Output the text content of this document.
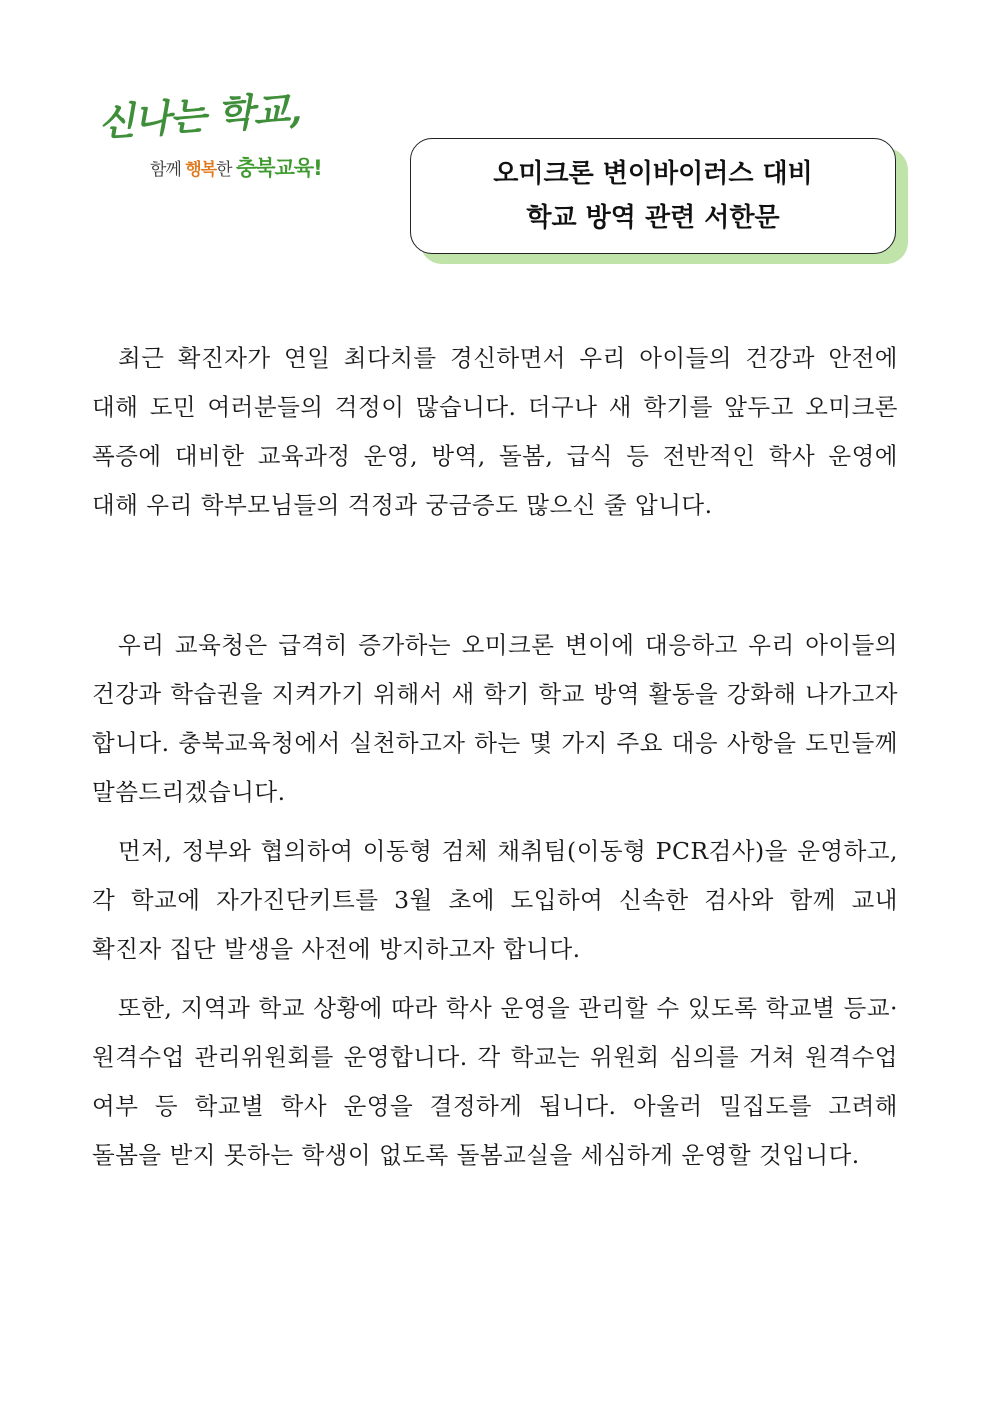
신나는 학교,
함께 행복한 충북교육!	오미크론 변이바이러스 대비
학교 방역 관련 서한문

최근 확진자가 연일 최다치를 경신하면서 우리 아이들의 건강과 안전에 대해 도민 여러분들의 걱정이 많습니다. 더구나 새 학기를 앞두고 오미크론 폭증에 대비한 교육과정 운영, 방역, 돌봄, 급식 등 전반적인 학사 운영에 대해 우리 학부모님들의 걱정과 궁금증도 많으신 줄 압니다.

우리 교육청은 급격히 증가하는 오미크론 변이에 대응하고 우리 아이들의 건강과 학습권을 지켜가기 위해서 새 학기 학교 방역 활동을 강화해 나가고자 합니다. 충북교육청에서 실천하고자 하는 몇 가지 주요 대응 사항을 도민들께 말씀드리겠습니다.

먼저, 정부와 협의하여 이동형 검체 채취팀(이동형 PCR검사)을 운영하고, 각 학교에 자가진단키트를 3월 초에 도입하여 신속한 검사와 함께 교내 확진자 집단 발생을 사전에 방지하고자 합니다.

또한, 지역과 학교 상황에 따라 학사 운영을 관리할 수 있도록 학교별 등교·원격수업 관리위원회를 운영합니다. 각 학교는 위원회 심의를 거쳐 원격수업 여부 등 학교별 학사 운영을 결정하게 됩니다. 아울러 밀집도를 고려해 돌봄을 받지 못하는 학생이 없도록 돌봄교실을 세심하게 운영할 것입니다.
